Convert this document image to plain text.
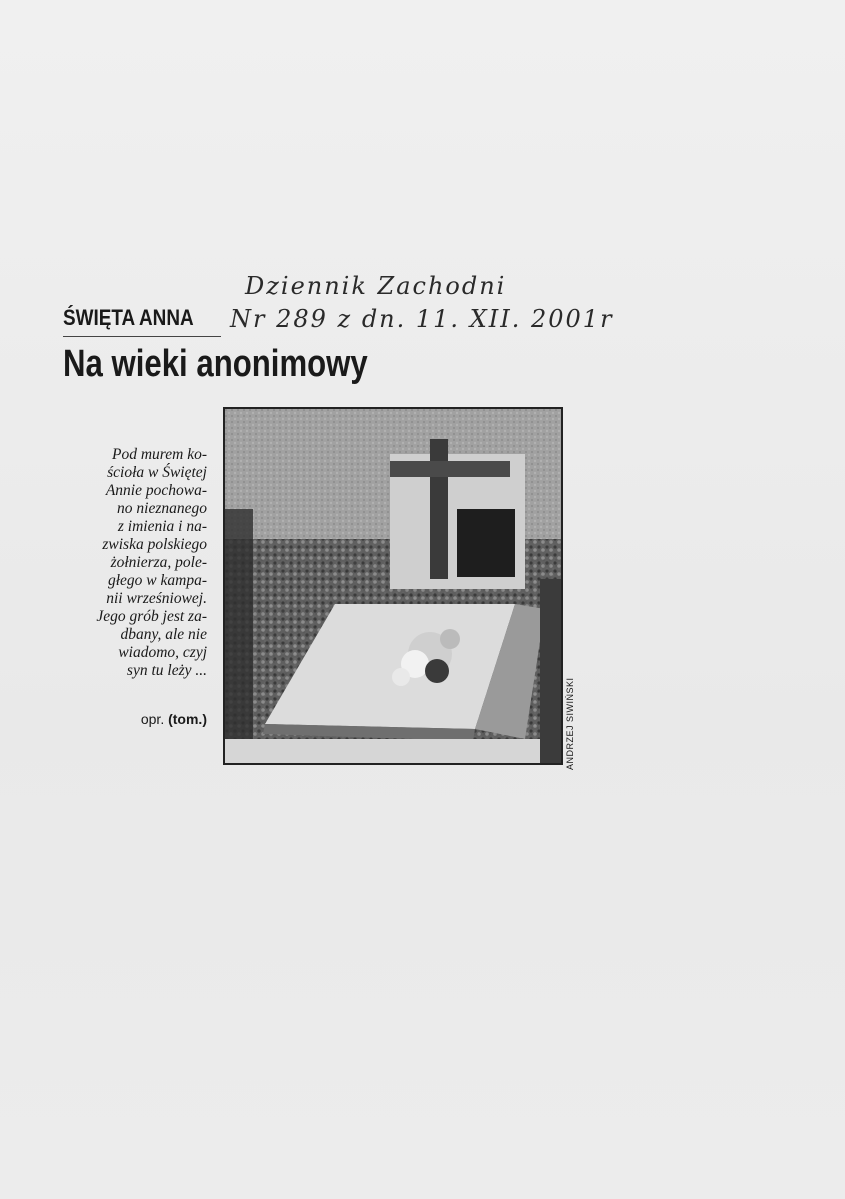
Dziennik Zachodni
Nr 289 z dn. 11. XII. 2001r
ŚWIĘTA ANNA
Na wieki anonimowy
Pod murem ko-
ścioła w Świętej
Annie pochowa-
no nieznanego
z imienia i na-
zwiska polskiego
żołnierza, pole-
głego w kampa-
nii wrześniowej.
Jego grób jest za-
dbany, ale nie
wiadomo, czyj
syn tu leży ...
opr. (tom.)	ANDRZEJ SIWIŃSKI
